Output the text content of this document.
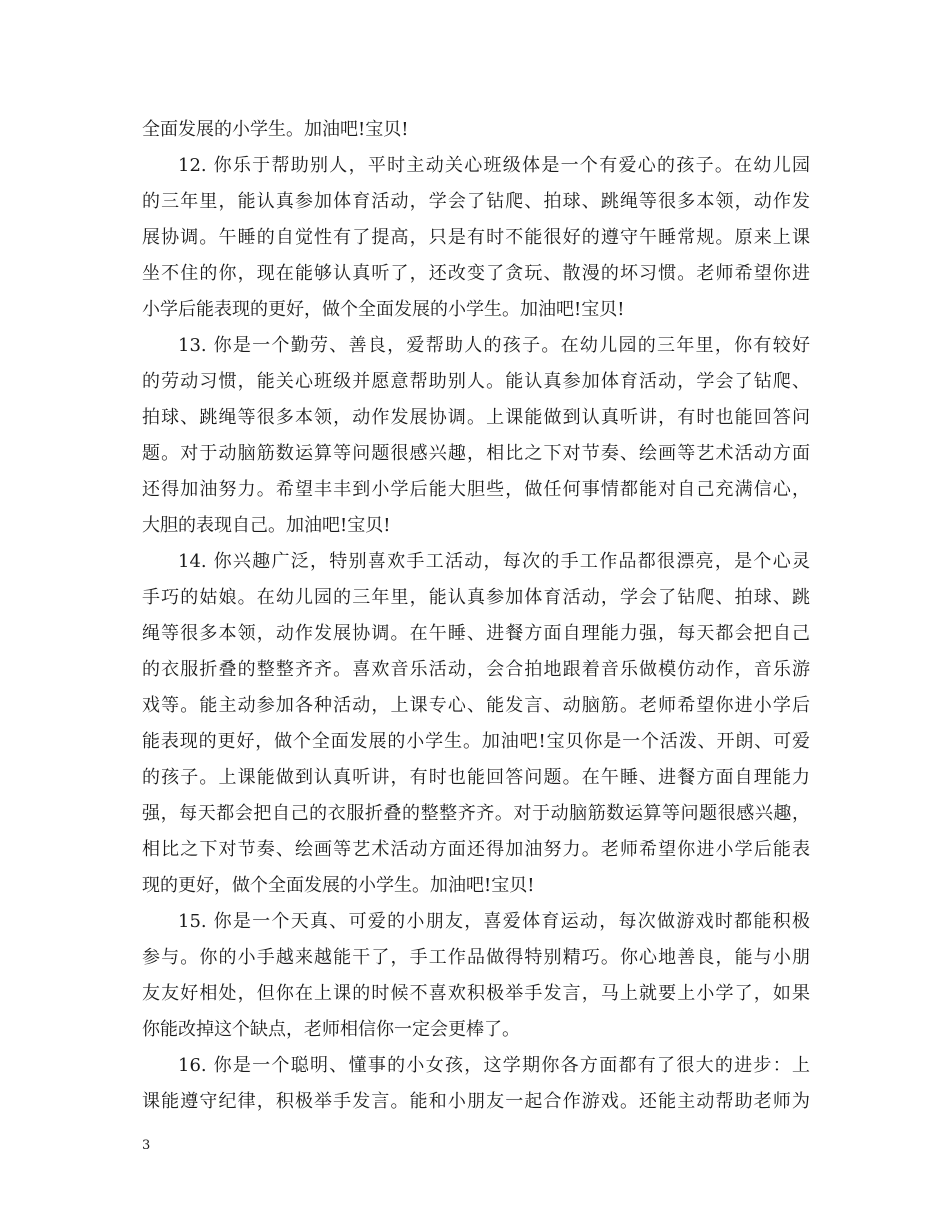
全面发展的小学生。加油吧!宝贝!
12. 你乐于帮助别人，平时主动关心班级体是一个有爱心的孩子。在幼儿园
的三年里，能认真参加体育活动，学会了钻爬、拍球、跳绳等很多本领，动作发
展协调。午睡的自觉性有了提高，只是有时不能很好的遵守午睡常规。原来上课
坐不住的你，现在能够认真听了，还改变了贪玩、散漫的坏习惯。老师希望你进
小学后能表现的更好，做个全面发展的小学生。加油吧!宝贝!
13. 你是一个勤劳、善良，爱帮助人的孩子。在幼儿园的三年里，你有较好
的劳动习惯，能关心班级并愿意帮助别人。能认真参加体育活动，学会了钻爬、
拍球、跳绳等很多本领，动作发展协调。上课能做到认真听讲，有时也能回答问
题。对于动脑筋数运算等问题很感兴趣，相比之下对节奏、绘画等艺术活动方面
还得加油努力。希望丰丰到小学后能大胆些，做任何事情都能对自己充满信心，
大胆的表现自己。加油吧!宝贝!
14. 你兴趣广泛，特别喜欢手工活动，每次的手工作品都很漂亮，是个心灵
手巧的姑娘。在幼儿园的三年里，能认真参加体育活动，学会了钻爬、拍球、跳
绳等很多本领，动作发展协调。在午睡、进餐方面自理能力强，每天都会把自己
的衣服折叠的整整齐齐。喜欢音乐活动，会合拍地跟着音乐做模仿动作，音乐游
戏等。能主动参加各种活动，上课专心、能发言、动脑筋。老师希望你进小学后
能表现的更好，做个全面发展的小学生。加油吧!宝贝你是一个活泼、开朗、可爱
的孩子。上课能做到认真听讲，有时也能回答问题。在午睡、进餐方面自理能力
强，每天都会把自己的衣服折叠的整整齐齐。对于动脑筋数运算等问题很感兴趣，
相比之下对节奏、绘画等艺术活动方面还得加油努力。老师希望你进小学后能表
现的更好，做个全面发展的小学生。加油吧!宝贝!
15. 你是一个天真、可爱的小朋友，喜爱体育运动，每次做游戏时都能积极
参与。你的小手越来越能干了，手工作品做得特别精巧。你心地善良，能与小朋
友友好相处，但你在上课的时候不喜欢积极举手发言，马上就要上小学了，如果
你能改掉这个缺点，老师相信你一定会更棒了。
16. 你是一个聪明、懂事的小女孩，这学期你各方面都有了很大的进步：上
课能遵守纪律，积极举手发言。能和小朋友一起合作游戏。还能主动帮助老师为
3
